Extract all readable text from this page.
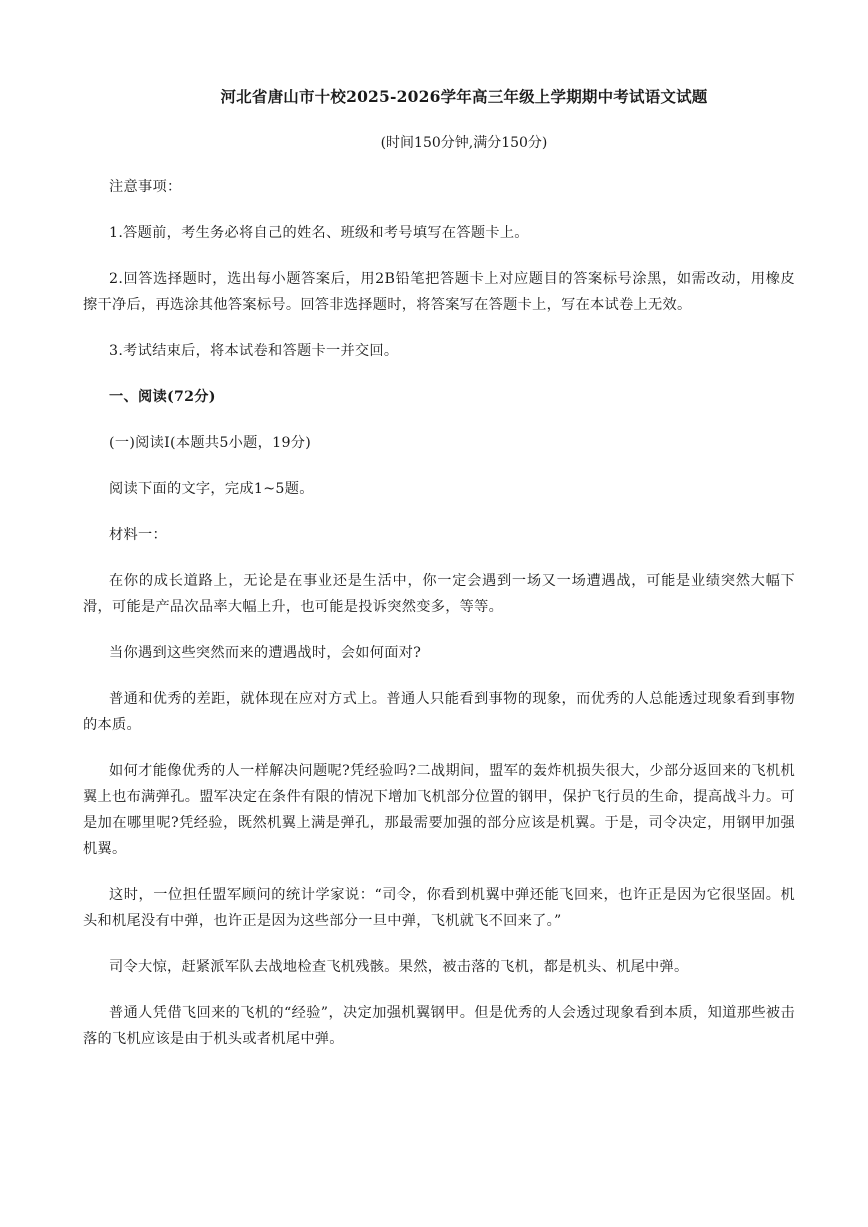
河北省唐山市十校2025-2026学年高三年级上学期期中考试语文试题

(时间150分钟,满分150分)

注意事项：

1.答题前，考生务必将自己的姓名、班级和考号填写在答题卡上。

2.回答选择题时，选出每小题答案后，用2B铅笔把答题卡上对应题目的答案标号涂黑，如需改动，用橡皮擦干净后，再选涂其他答案标号。回答非选择题时，将答案写在答题卡上，写在本试卷上无效。

3.考试结束后，将本试卷和答题卡一并交回。

一、阅读(72分)

(一)阅读Ⅰ(本题共5小题，19分)

阅读下面的文字，完成1~5题。

材料一：

在你的成长道路上，无论是在事业还是生活中，你一定会遇到一场又一场遭遇战，可能是业绩突然大幅下滑，可能是产品次品率大幅上升，也可能是投诉突然变多，等等。

当你遇到这些突然而来的遭遇战时，会如何面对?

普通和优秀的差距，就体现在应对方式上。普通人只能看到事物的现象，而优秀的人总能透过现象看到事物的本质。

如何才能像优秀的人一样解决问题呢?凭经验吗?二战期间，盟军的轰炸机损失很大，少部分返回来的飞机机翼上也布满弹孔。盟军决定在条件有限的情况下增加飞机部分位置的钢甲，保护飞行员的生命，提高战斗力。可是加在哪里呢?凭经验，既然机翼上满是弹孔，那最需要加强的部分应该是机翼。于是，司令决定，用钢甲加强机翼。

这时，一位担任盟军顾问的统计学家说：“司令，你看到机翼中弹还能飞回来，也许正是因为它很坚固。机头和机尾没有中弹，也许正是因为这些部分一旦中弹，飞机就飞不回来了。”

司令大惊，赶紧派军队去战地检查飞机残骸。果然，被击落的飞机，都是机头、机尾中弹。

普通人凭借飞回来的飞机的“经验”，决定加强机翼钢甲。但是优秀的人会透过现象看到本质，知道那些被击落的飞机应该是由于机头或者机尾中弹。
